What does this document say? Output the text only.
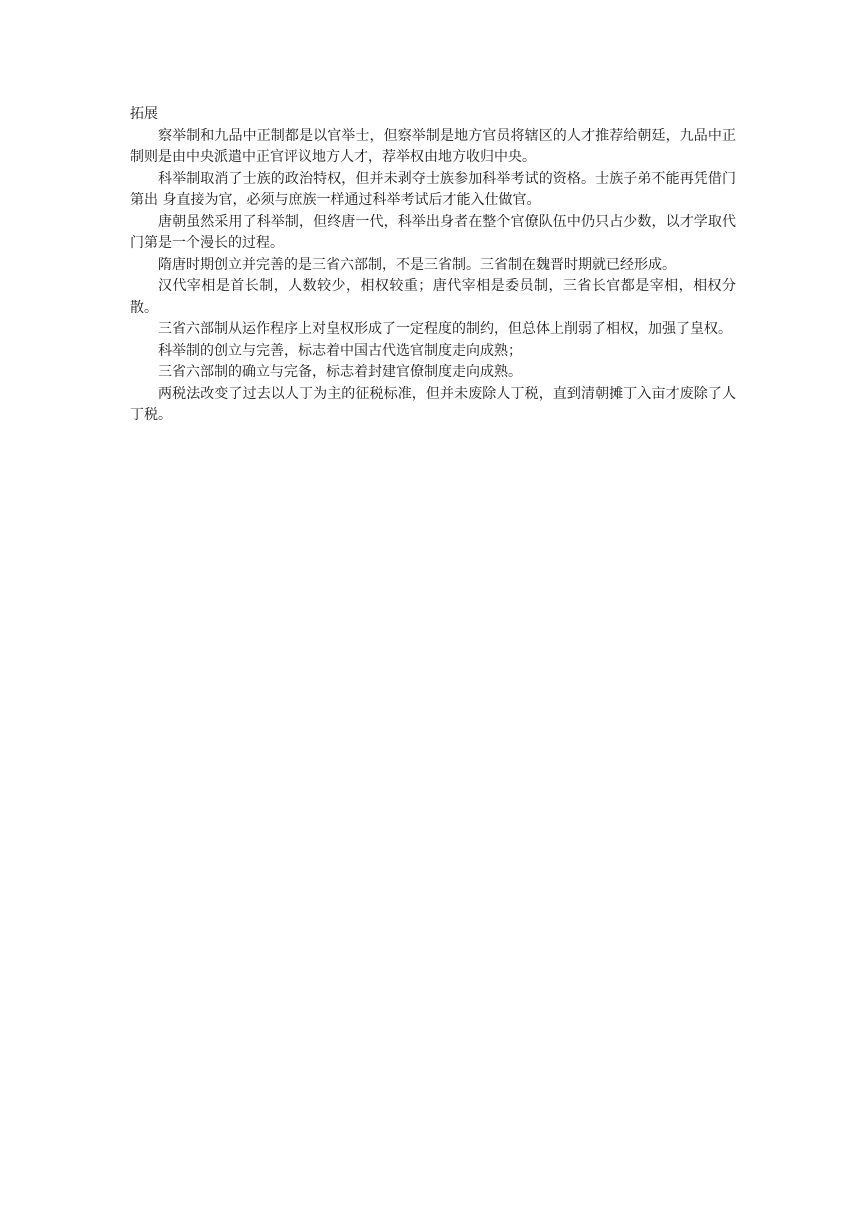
拓展

察举制和九品中正制都是以官举士，但察举制是地方官员将辖区的人才推荐给朝廷，九品中正制则是由中央派遣中正官评议地方人才，荐举权由地方收归中央。

科举制取消了士族的政治特权，但并未剥夺士族参加科举考试的资格。士族子弟不能再凭借门第出 身直接为官，必须与庶族一样通过科举考试后才能入仕做官。

唐朝虽然采用了科举制，但终唐一代，科举出身者在整个官僚队伍中仍只占少数，以才学取代门第是一个漫长的过程。

隋唐时期创立并完善的是三省六部制，不是三省制。三省制在魏晋时期就已经形成。

汉代宰相是首长制，人数较少，相权较重；唐代宰相是委员制，三省长官都是宰相，相权分散。

三省六部制从运作程序上对皇权形成了一定程度的制约，但总体上削弱了相权，加强了皇权。

科举制的创立与完善，标志着中国古代选官制度走向成熟；

三省六部制的确立与完备，标志着封建官僚制度走向成熟。

两税法改变了过去以人丁为主的征税标准，但并未废除人丁税，直到清朝摊丁入亩才废除了人丁税。
